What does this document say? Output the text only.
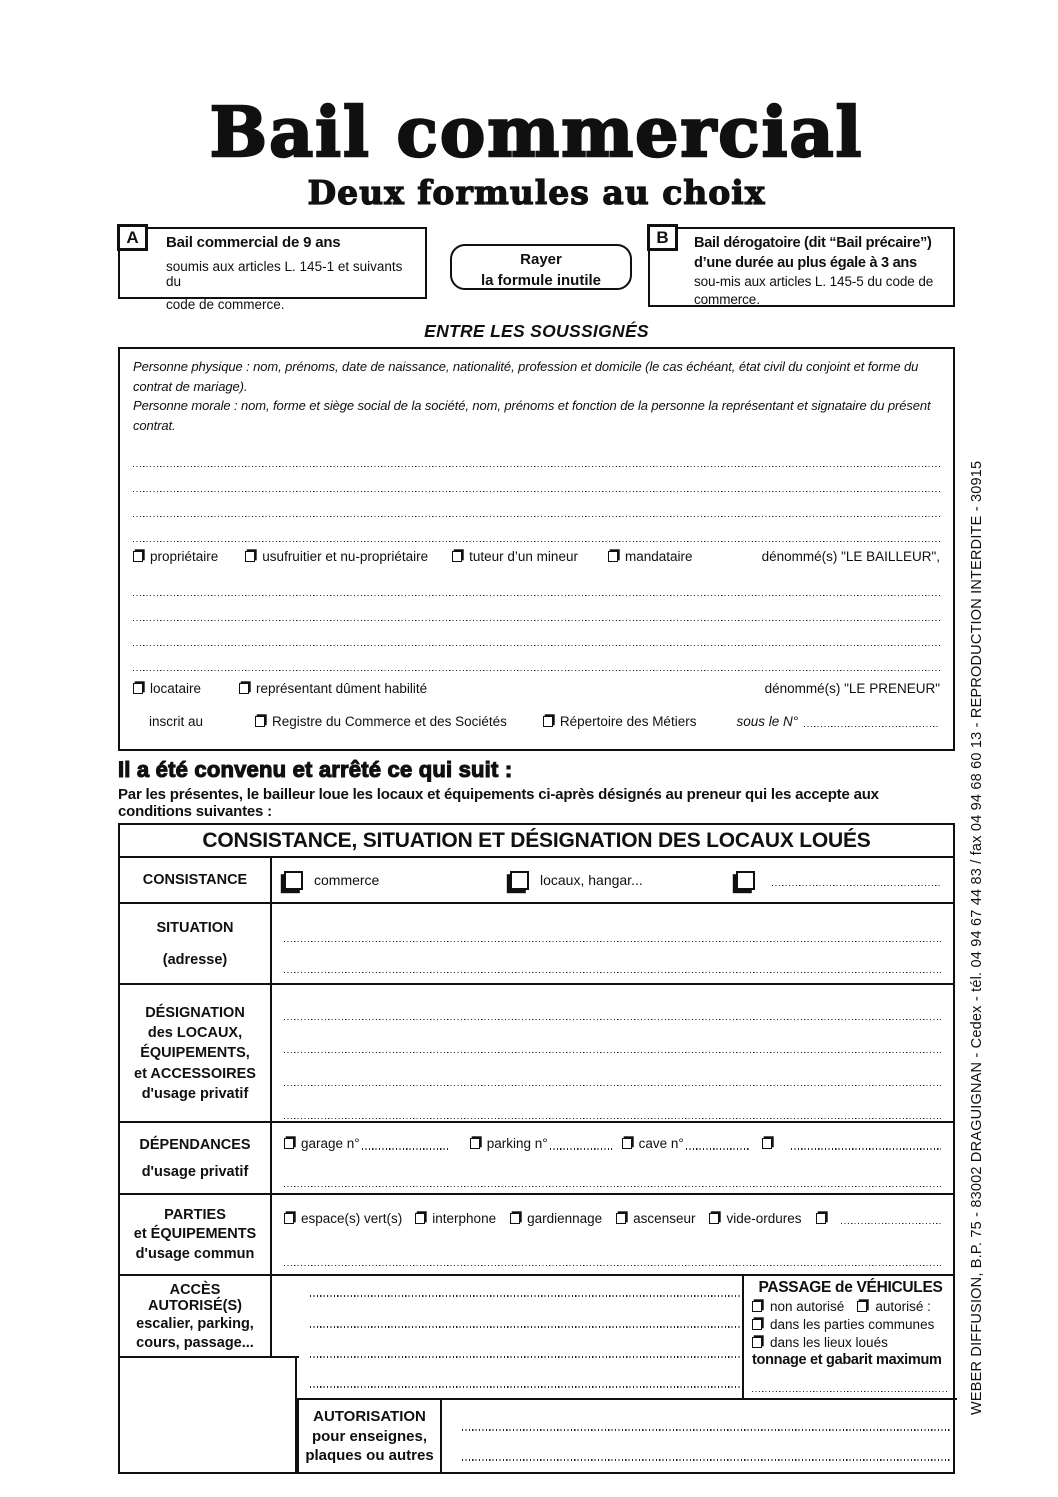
Bail commercial
Deux formules au choix
A	Bail commercial de 9 ans
soumis aux articles L. 145-1 et suivants du
code de commerce.
Rayer
la formule inutile
B	Bail dérogatoire (dit “Bail précaire”) d’une durée au plus égale à 3 ans sou-mis aux articles L. 145-5 du code de commerce.
ENTRE LES SOUSSIGNÉS
Personne physique : nom, prénoms, date de naissance, nationalité, profession et domicile (le cas échéant, état civil du conjoint et forme du contrat de mariage).
Personne morale : nom, forme et siège social de la société, nom, prénoms et fonction de la personne la représentant et signataire du présent contrat.
propriétaire	usufruitier et nu-propriétaire	tuteur d’un mineur	mandataire	dénommé(s) "LE BAILLEUR",
locataire	représentant dûment habilité	dénommé(s) "LE PRENEUR"
inscrit au	Registre du Commerce et des Sociétés	Répertoire des Métiers	sous le N°
Il a été convenu et arrêté ce qui suit :
Par les présentes, le bailleur loue les locaux et équipements ci-après désignés au preneur qui les accepte aux conditions suivantes :
CONSISTANCE, SITUATION ET DÉSIGNATION DES LOCAUX LOUÉS
CONSISTANCE	commerce	locaux, hangar...
SITUATION
(adresse)
DÉSIGNATION
des LOCAUX,
ÉQUIPEMENTS,
et ACCESSOIRES
d'usage privatif
DÉPENDANCES
d'usage privatif
garage n°	parking n°	cave n°
PARTIES
et ÉQUIPEMENTS
d'usage commun
espace(s) vert(s) interphone gardiennage ascenseur vide-ordures
ACCÈS AUTORISÉ(S)
escalier, parking,
cours, passage...
PASSAGE de VÉHICULES
non autorisé autorisé :
dans les parties communes
dans les lieux loués
tonnage et gabarit maximum
AUTORISATION
pour enseignes,
plaques ou autres
WEBER DIFFUSION, B.P. 75 - 83002 DRAGUIGNAN - Cedex - tél. 04 94 67 44 83 / fax 04 94 68 60 13 - REPRODUCTION INTERDITE - 30915
